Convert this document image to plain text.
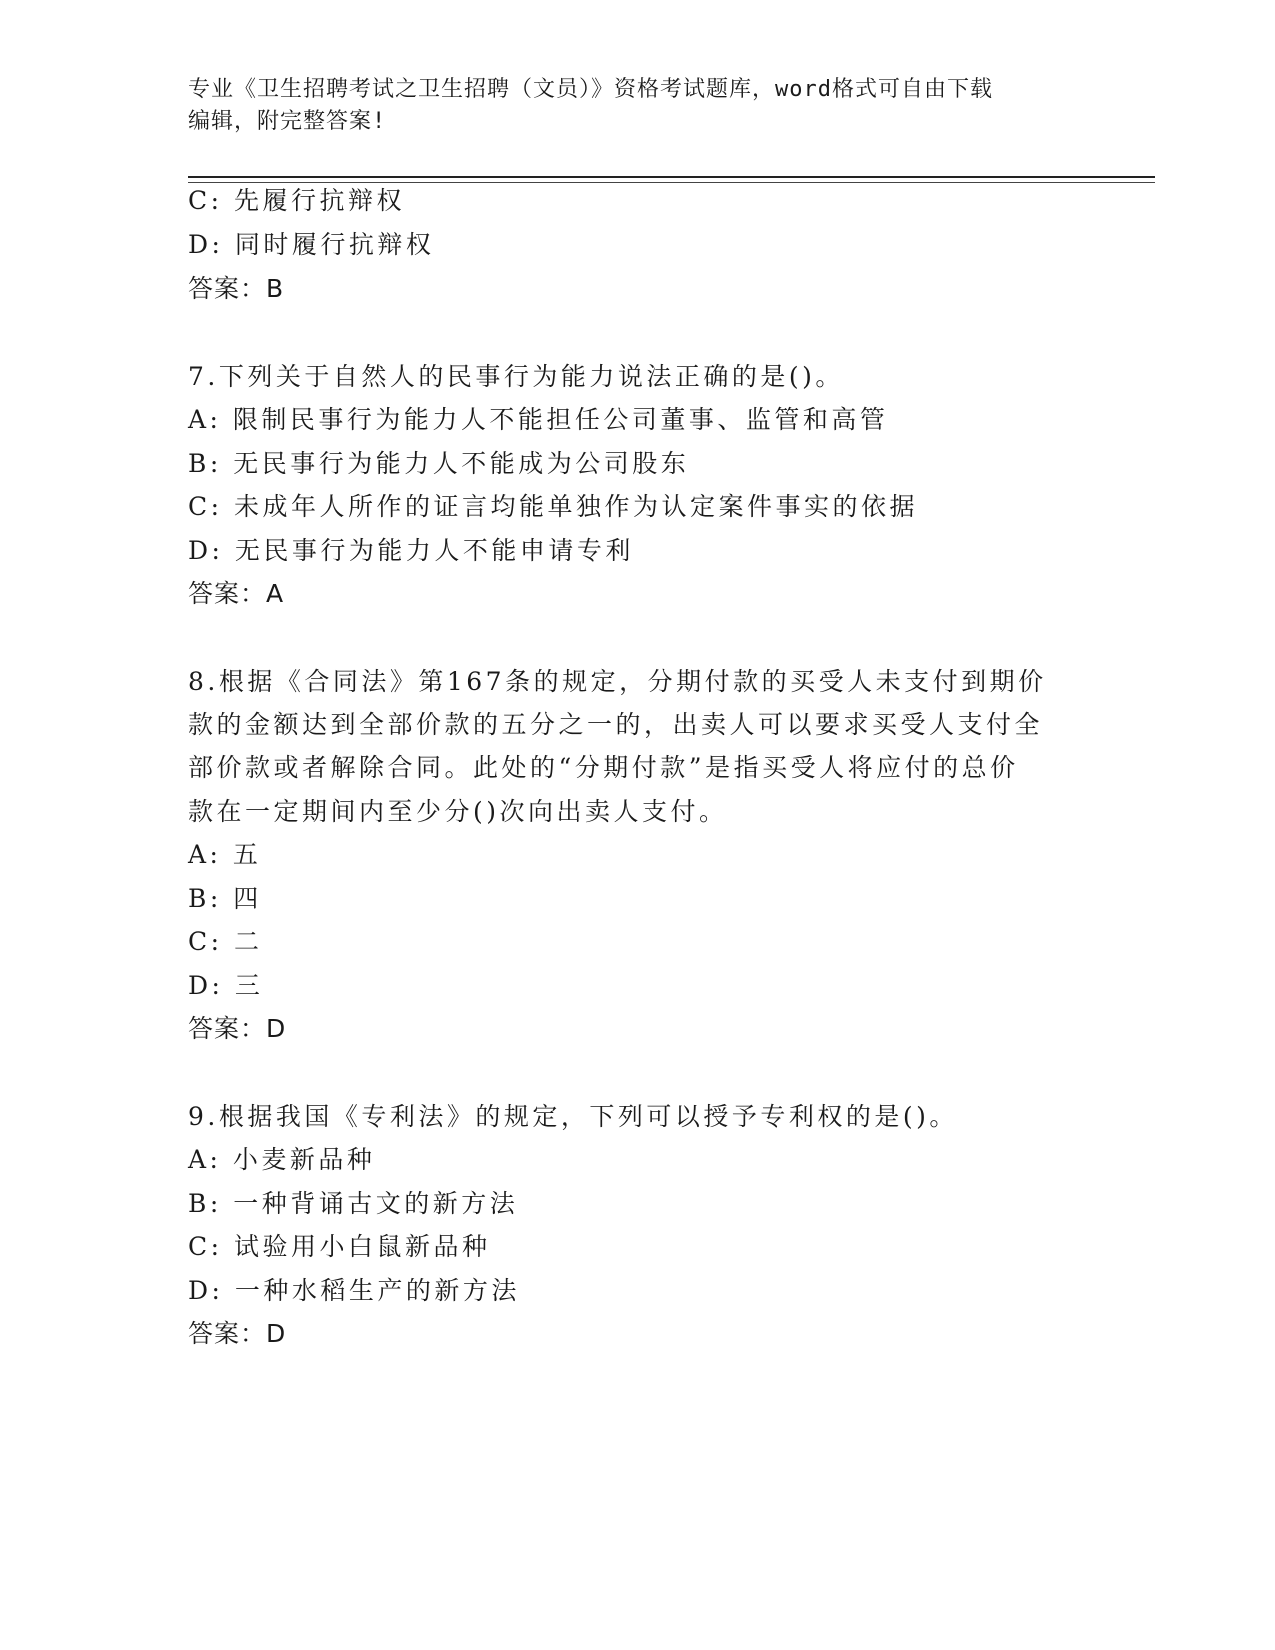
专业《卫生招聘考试之卫生招聘（文员）》资格考试题库，word格式可自由下载
编辑，附完整答案!
C: 先履行抗辩权
D: 同时履行抗辩权
答案：B
7.下列关于自然人的民事行为能力说法正确的是()。
A: 限制民事行为能力人不能担任公司董事、监管和高管
B: 无民事行为能力人不能成为公司股东
C: 未成年人所作的证言均能单独作为认定案件事实的依据
D: 无民事行为能力人不能申请专利
答案：A
8.根据《合同法》第167条的规定，分期付款的买受人未支付到期价
款的金额达到全部价款的五分之一的，出卖人可以要求买受人支付全
部价款或者解除合同。此处的“分期付款”是指买受人将应付的总价
款在一定期间内至少分()次向出卖人支付。
A: 五
B: 四
C: 二
D: 三
答案：D
9.根据我国《专利法》的规定，下列可以授予专利权的是()。
A: 小麦新品种
B: 一种背诵古文的新方法
C: 试验用小白鼠新品种
D: 一种水稻生产的新方法
答案：D
